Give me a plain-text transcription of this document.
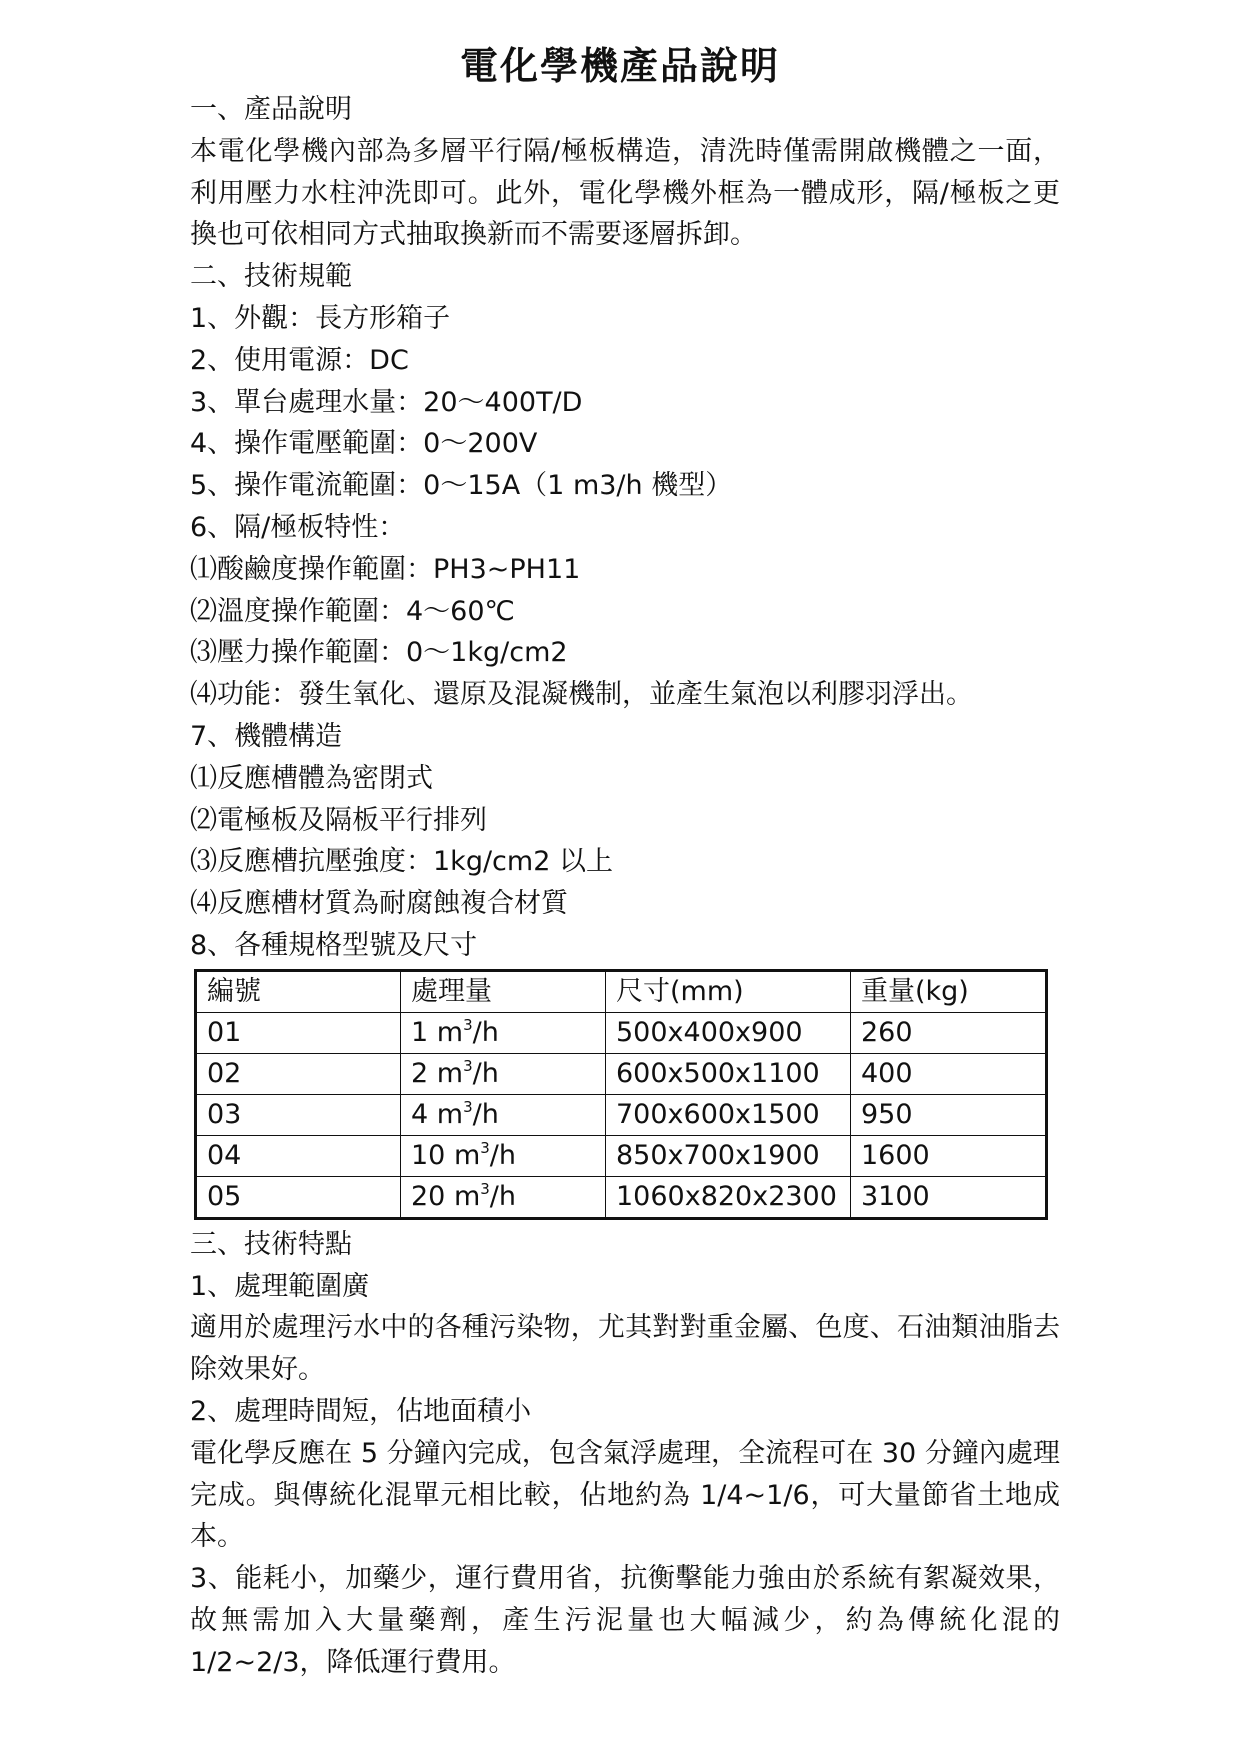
電化學機產品說明
一、產品說明
本電化學機內部為多層平行隔/極板構造，清洗時僅需開啟機體之一面，利用壓力水柱沖洗即可。此外，電化學機外框為一體成形，隔/極板之更換也可依相同方式抽取換新而不需要逐層拆卸。
二、技術規範
1、外觀：長方形箱子
2、使用電源：DC
3、單台處理水量：20～400T/D
4、操作電壓範圍：0～200V
5、操作電流範圍：0～15A（1 m3/h 機型）
6、隔/極板特性：
⑴酸鹼度操作範圍：PH3~PH11
⑵溫度操作範圍：4～60℃
⑶壓力操作範圍：0～1kg/cm2
⑷功能：發生氧化、還原及混凝機制，並產生氣泡以利膠羽浮出。
7、機體構造
⑴反應槽體為密閉式
⑵電極板及隔板平行排列
⑶反應槽抗壓強度：1kg/cm2 以上
⑷反應槽材質為耐腐蝕複合材質
8、各種規格型號及尺寸
編號	處理量	尺寸(mm)	重量(kg)
01	1 $m^3/h$	500x400x900	260
02	2 $m^3/h$	600x500x1100	400
03	4 $m^3/h$	700x600x1500	950
04	10 $m^3/h$	850x700x1900	1600
05	20 $m^3/h$	1060x820x2300	3100
三、技術特點
1、處理範圍廣
適用於處理污水中的各種污染物，尤其對對重金屬、色度、石油類油脂去除效果好。
2、處理時間短，佔地面積小
電化學反應在 5 分鐘內完成，包含氣浮處理，全流程可在 30 分鐘內處理完成。與傳統化混單元相比較，佔地約為 1/4~1/6，可大量節省土地成本。
3、能耗小，加藥少，運行費用省，抗衡擊能力強由於系統有絮凝效果，故無需加入大量藥劑，產生污泥量也大幅減少，約為傳統化混的1/2~2/3，降低運行費用。
